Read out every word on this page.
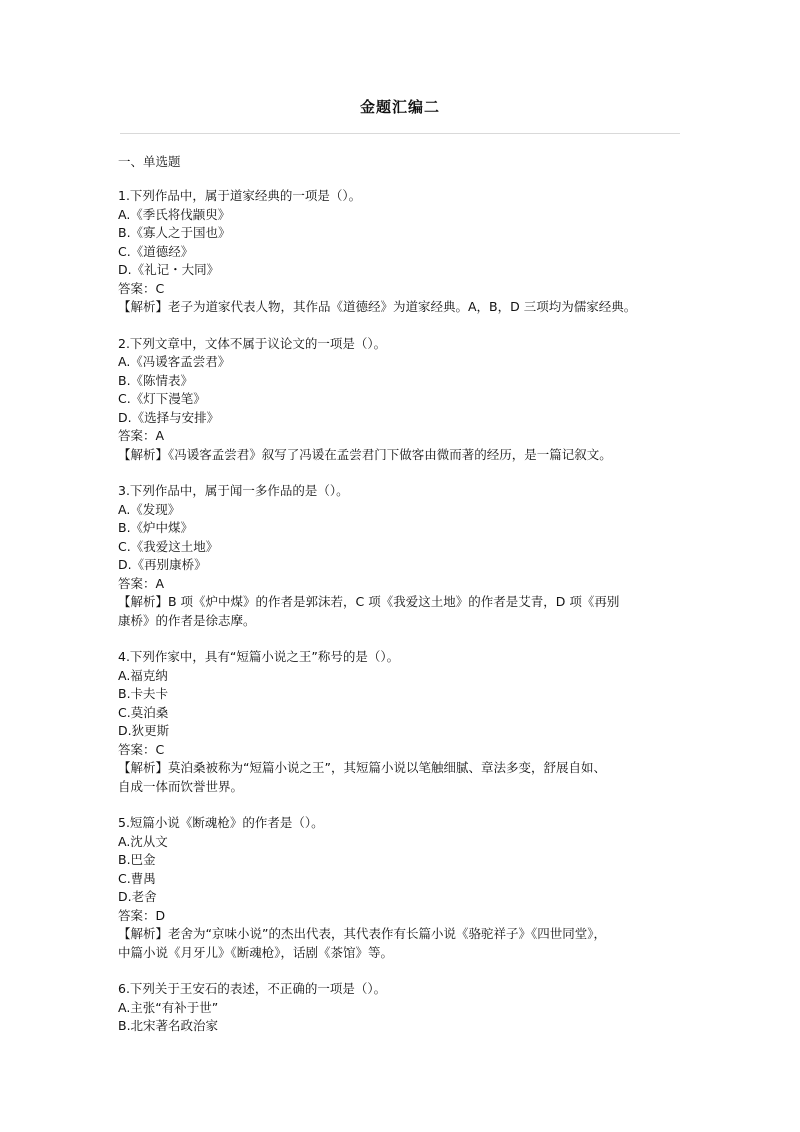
金题汇编二
一、单选题
1.下列作品中，属于道家经典的一项是（）。
A.《季氏将伐颛臾》
B.《寡人之于国也》
C.《道德经》
D.《礼记・大同》
答案：C
【解析】老子为道家代表人物，其作品《道德经》为道家经典。A，B，D 三项均为儒家经典。
2.下列文章中，文体不属于议论文的一项是（）。
A.《冯谖客孟尝君》
B.《陈情表》
C.《灯下漫笔》
D.《选择与安排》
答案：A
【解析】《冯谖客孟尝君》叙写了冯谖在孟尝君门下做客由微而著的经历，是一篇记叙文。
3.下列作品中，属于闻一多作品的是（）。
A.《发现》
B.《炉中煤》
C.《我爱这土地》
D.《再别康桥》
答案：A
【解析】B 项《炉中煤》的作者是郭沫若，C 项《我爱这土地》的作者是艾青，D 项《再别
康桥》的作者是徐志摩。
4.下列作家中，具有“短篇小说之王”称号的是（）。
A.福克纳
B.卡夫卡
C.莫泊桑
D.狄更斯
答案：C
【解析】莫泊桑被称为“短篇小说之王”，其短篇小说以笔触细腻、章法多变，舒展自如、
自成一体而饮誉世界。
5.短篇小说《断魂枪》的作者是（）。
A.沈从文
B.巴金
C.曹禺
D.老舍
答案：D
【解析】老舍为“京味小说”的杰出代表，其代表作有长篇小说《骆驼祥子》《四世同堂》，
中篇小说《月牙儿》《断魂枪》，话剧《茶馆》等。
6.下列关于王安石的表述，不正确的一项是（）。
A.主张“有补于世”
B.北宋著名政治家
